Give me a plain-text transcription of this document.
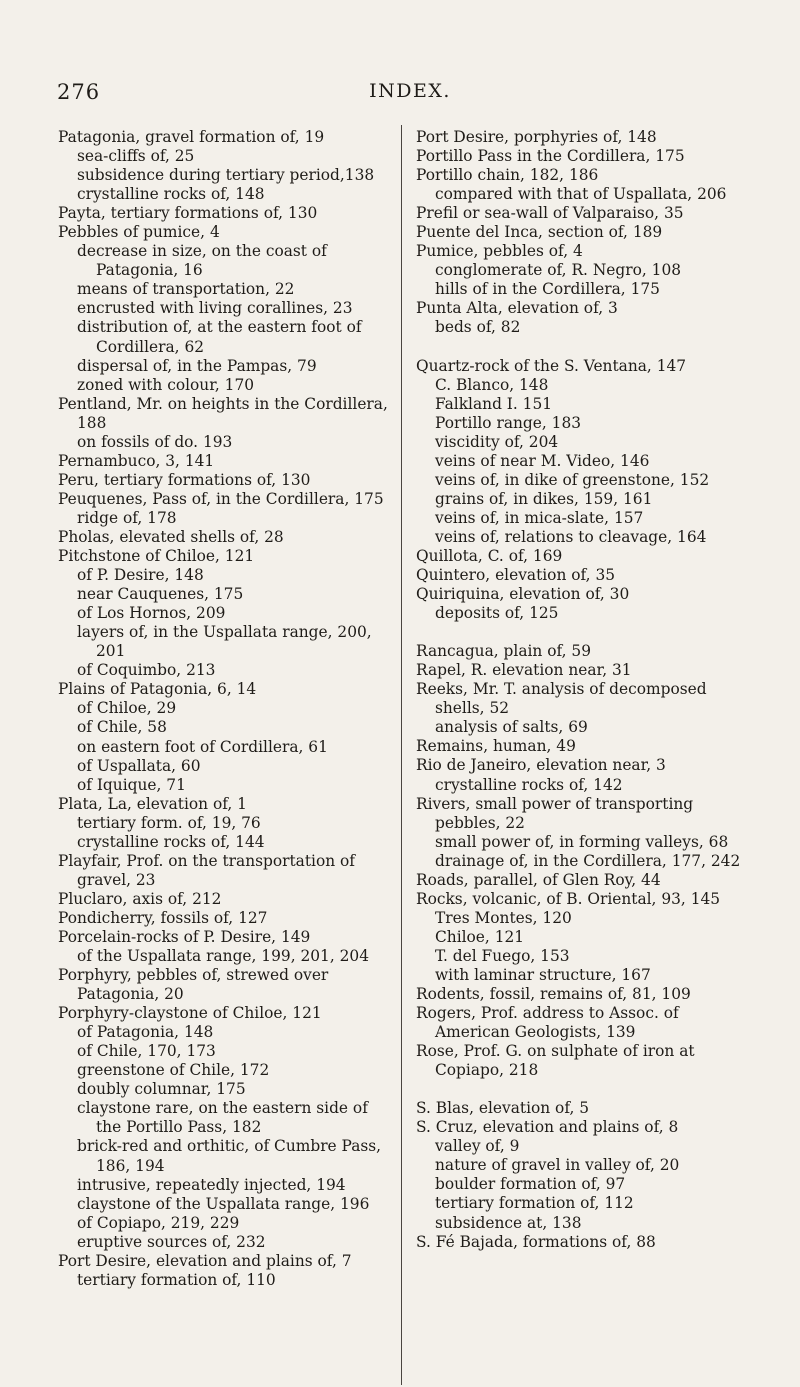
276	INDEX.
Patagonia, gravel formation of, 19
sea-cliffs of, 25
subsidence during tertiary period,138
crystalline rocks of, 148
Payta, tertiary formations of, 130
Pebbles of pumice, 4
decrease in size, on the coast of Patagonia, 16
means of transportation, 22
encrusted with living corallines, 23
distribution of, at the eastern foot of Cordillera, 62
dispersal of, in the Pampas, 79
zoned with colour, 170
Pentland, Mr. on heights in the Cordillera, 188
on fossils of do. 193
Pernambuco, 3, 141
Peru, tertiary formations of, 130
Peuquenes, Pass of, in the Cordillera, 175
ridge of, 178
Pholas, elevated shells of, 28
Pitchstone of Chiloe, 121
of P. Desire, 148
near Cauquenes, 175
of Los Hornos, 209
layers of, in the Uspallata range, 200, 201
of Coquimbo, 213
Plains of Patagonia, 6, 14
of Chiloe, 29
of Chile, 58
on eastern foot of Cordillera, 61
of Uspallata, 60
of Iquique, 71
Plata, La, elevation of, 1
tertiary form. of, 19, 76
crystalline rocks of, 144
Playfair, Prof. on the transportation of gravel, 23
Pluclaro, axis of, 212
Pondicherry, fossils of, 127
Porcelain-rocks of P. Desire, 149
of the Uspallata range, 199, 201, 204
Porphyry, pebbles of, strewed over Patagonia, 20
Porphyry-claystone of Chiloe, 121
of Patagonia, 148
of Chile, 170, 173
greenstone of Chile, 172
doubly columnar, 175
claystone rare, on the eastern side of the Portillo Pass, 182
brick-red and orthitic, of Cumbre Pass, 186, 194
intrusive, repeatedly injected, 194
claystone of the Uspallata range, 196
of Copiapo, 219, 229
eruptive sources of, 232
Port Desire, elevation and plains of, 7
tertiary formation of, 110
Port Desire, porphyries of, 148
Portillo Pass in the Cordillera, 175
Portillo chain, 182, 186
compared with that of Uspallata, 206
Prefil or sea-wall of Valparaiso, 35
Puente del Inca, section of, 189
Pumice, pebbles of, 4
conglomerate of, R. Negro, 108
hills of in the Cordillera, 175
Punta Alta, elevation of, 3
beds of, 82
Quartz-rock of the S. Ventana, 147
C. Blanco, 148
Falkland I. 151
Portillo range, 183
viscidity of, 204
veins of near M. Video, 146
veins of, in dike of greenstone, 152
grains of, in dikes, 159, 161
veins of, in mica-slate, 157
veins of, relations to cleavage, 164
Quillota, C. of, 169
Quintero, elevation of, 35
Quiriquina, elevation of, 30
deposits of, 125
Rancagua, plain of, 59
Rapel, R. elevation near, 31
Reeks, Mr. T. analysis of decomposed shells, 52
analysis of salts, 69
Remains, human, 49
Rio de Janeiro, elevation near, 3
crystalline rocks of, 142
Rivers, small power of transporting pebbles, 22
small power of, in forming valleys, 68
drainage of, in the Cordillera, 177, 242
Roads, parallel, of Glen Roy, 44
Rocks, volcanic, of B. Oriental, 93, 145
Tres Montes, 120
Chiloe, 121
T. del Fuego, 153
with laminar structure, 167
Rodents, fossil, remains of, 81, 109
Rogers, Prof. address to Assoc. of American Geologists, 139
Rose, Prof. G. on sulphate of iron at Copiapo, 218
S. Blas, elevation of, 5
S. Cruz, elevation and plains of, 8
valley of, 9
nature of gravel in valley of, 20
boulder formation of, 97
tertiary formation of, 112
subsidence at, 138
S. Fé Bajada, formations of, 88
